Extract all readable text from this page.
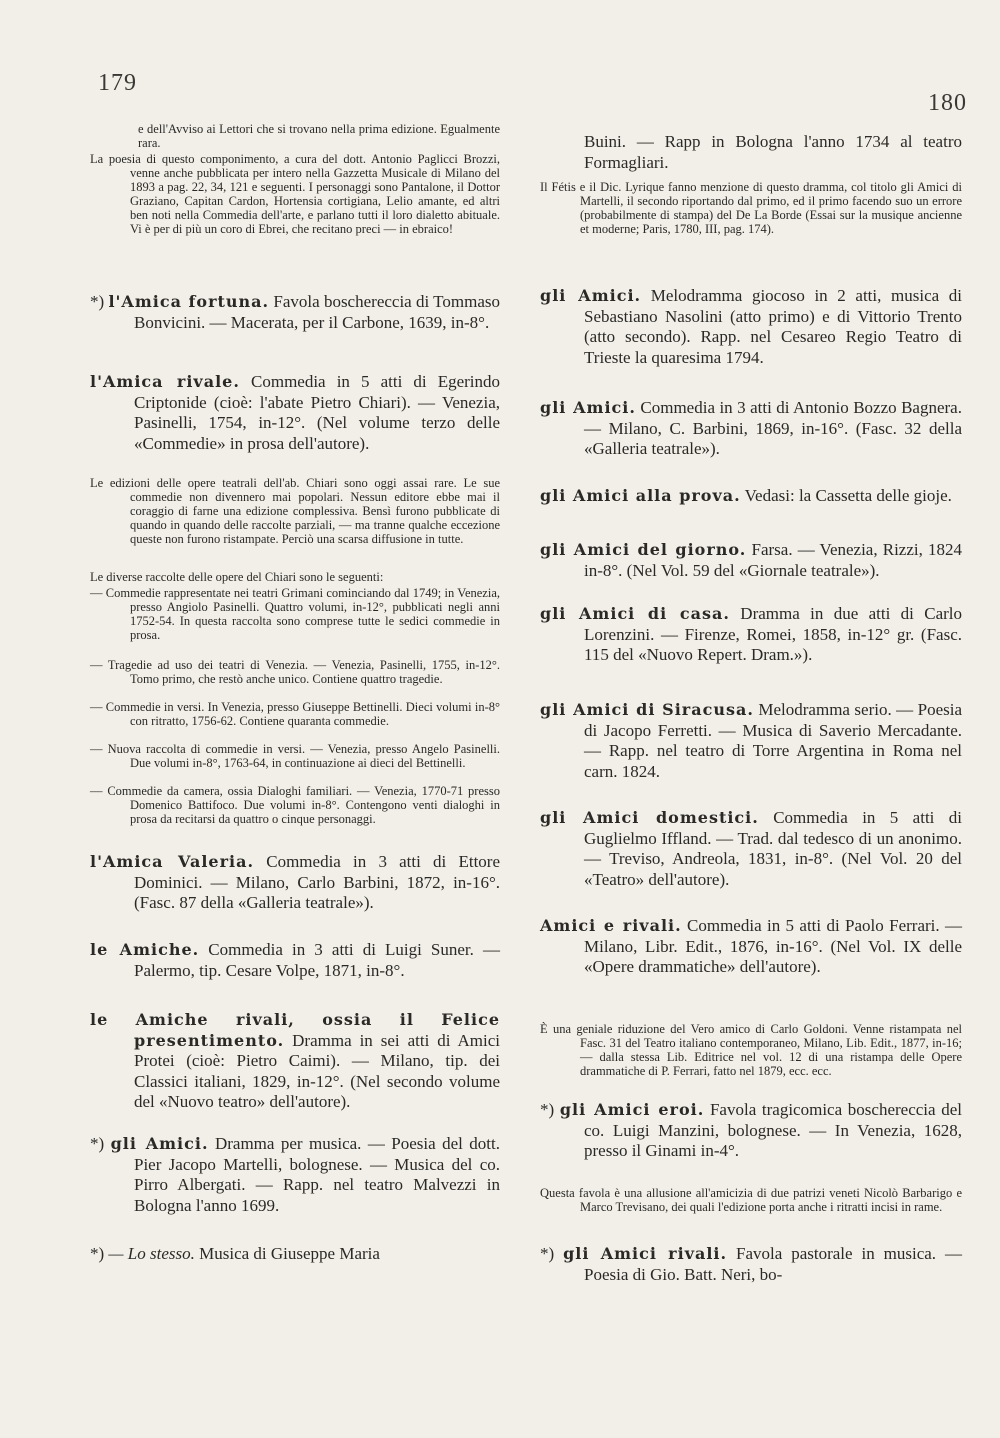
179
180

e dell'Avviso ai Lettori che si trovano nella prima edizione. Egualmente rara.

La poesia di questo componimento, a cura del dott. Antonio Paglicci Brozzi, venne anche pubblicata per intero nella Gazzetta Musicale di Milano del 1893 a pag. 22, 34, 121 e seguenti. I personaggi sono Pantalone, il Dottor Graziano, Capitan Cardon, Hortensia cortigiana, Lelio amante, ed altri ben noti nella Commedia dell'arte, e parlano tutti il loro dialetto abituale. Vi è per di più un coro di Ebrei, che recitano preci — in ebraico!

*) l'Amica fortuna. Favola boschereccia di Tommaso Bonvicini. — Macerata, per il Carbone, 1639, in-8°.

l'Amica rivale. Commedia in 5 atti di Egerindo Criptonide (cioè: l'abate Pietro Chiari). — Venezia, Pasinelli, 1754, in-12°. (Nel volume terzo delle «Commedie» in prosa dell'autore).

Le edizioni delle opere teatrali dell'ab. Chiari sono oggi assai rare. Le sue commedie non divennero mai popolari. Nessun editore ebbe mai il coraggio di farne una edizione complessiva. Bensì furono pubblicate di quando in quando delle raccolte parziali, — ma tranne qualche eccezione queste non furono ristampate. Perciò una scarsa diffusione in tutte.

Le diverse raccolte delle opere del Chiari sono le seguenti:

— Commedie rappresentate nei teatri Grimani cominciando dal 1749; in Venezia, presso Angiolo Pasinelli. Quattro volumi, in-12°, pubblicati negli anni 1752-54. In questa raccolta sono comprese tutte le sedici commedie in prosa.

— Tragedie ad uso dei teatri di Venezia. — Venezia, Pasinelli, 1755, in-12°. Tomo primo, che restò anche unico. Contiene quattro tragedie.

— Commedie in versi. In Venezia, presso Giuseppe Bettinelli. Dieci volumi in-8° con ritratto, 1756-62. Contiene quaranta commedie.

— Nuova raccolta di commedie in versi. — Venezia, presso Angelo Pasinelli. Due volumi in-8°, 1763-64, in continuazione ai dieci del Bettinelli.

— Commedie da camera, ossia Dialoghi familiari. — Venezia, 1770-71 presso Domenico Battifoco. Due volumi in-8°. Contengono venti dialoghi in prosa da recitarsi da quattro o cinque personaggi.

l'Amica Valeria. Commedia in 3 atti di Ettore Dominici. — Milano, Carlo Barbini, 1872, in-16°. (Fasc. 87 della «Galleria teatrale»).

le Amiche. Commedia in 3 atti di Luigi Suner. — Palermo, tip. Cesare Volpe, 1871, in-8°.

le Amiche rivali, ossia il Felice presentimento. Dramma in sei atti di Amici Protei (cioè: Pietro Caimi). — Milano, tip. dei Classici italiani, 1829, in-12°. (Nel secondo volume del «Nuovo teatro» dell'autore).

*) gli Amici. Dramma per musica. — Poesia del dott. Pier Jacopo Martelli, bolognese. — Musica del co. Pirro Albergati. — Rapp. nel teatro Malvezzi in Bologna l'anno 1699.

*) — Lo stesso. Musica di Giuseppe Maria

Buini. — Rapp in Bologna l'anno 1734 al teatro Formagliari.

Il Fétis e il Dic. Lyrique fanno menzione di questo dramma, col titolo gli Amici di Martelli, il secondo riportando dal primo, ed il primo facendo suo un errore (probabilmente di stampa) del De La Borde (Essai sur la musique ancienne et moderne; Paris, 1780, III, pag. 174).

gli Amici. Melodramma giocoso in 2 atti, musica di Sebastiano Nasolini (atto primo) e di Vittorio Trento (atto secondo). Rapp. nel Cesareo Regio Teatro di Trieste la quaresima 1794.

gli Amici. Commedia in 3 atti di Antonio Bozzo Bagnera. — Milano, C. Barbini, 1869, in-16°. (Fasc. 32 della «Galleria teatrale»).

gli Amici alla prova. Vedasi: la Cassetta delle gioje.

gli Amici del giorno. Farsa. — Venezia, Rizzi, 1824 in-8°. (Nel Vol. 59 del «Giornale teatrale»).

gli Amici di casa. Dramma in due atti di Carlo Lorenzini. — Firenze, Romei, 1858, in-12° gr. (Fasc. 115 del «Nuovo Repert. Dram.»).

gli Amici di Siracusa. Melodramma serio. — Poesia di Jacopo Ferretti. — Musica di Saverio Mercadante. — Rapp. nel teatro di Torre Argentina in Roma nel carn. 1824.

gli Amici domestici. Commedia in 5 atti di Guglielmo Iffland. — Trad. dal tedesco di un anonimo. — Treviso, Andreola, 1831, in-8°. (Nel Vol. 20 del «Teatro» dell'autore).

Amici e rivali. Commedia in 5 atti di Paolo Ferrari. — Milano, Libr. Edit., 1876, in-16°. (Nel Vol. IX delle «Opere drammatiche» dell'autore).

È una geniale riduzione del Vero amico di Carlo Goldoni. Venne ristampata nel Fasc. 31 del Teatro italiano contemporaneo, Milano, Lib. Edit., 1877, in-16; — dalla stessa Lib. Editrice nel vol. 12 di una ristampa delle Opere drammatiche di P. Ferrari, fatto nel 1879, ecc. ecc.

*) gli Amici eroi. Favola tragicomica boschereccia del co. Luigi Manzini, bolognese. — In Venezia, 1628, presso il Ginami in-4°.

Questa favola è una allusione all'amicizia di due patrizi veneti Nicolò Barbarigo e Marco Trevisano, dei quali l'edizione porta anche i ritratti incisi in rame.

*) gli Amici rivali. Favola pastorale in musica. — Poesia di Gio. Batt. Neri, bo-
